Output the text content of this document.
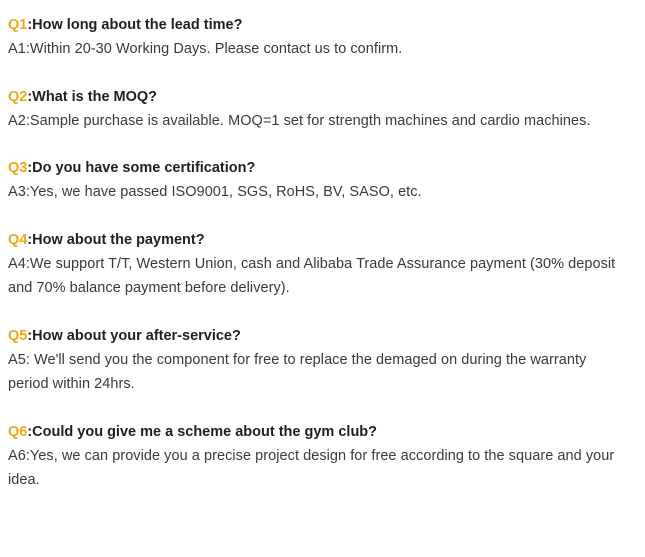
Q1:How long about the lead time?

A1:Within 20-30 Working Days. Please contact us to confirm.

Q2:What is the MOQ?

A2:Sample purchase is available. MOQ=1 set for strength machines and cardio machines.

Q3:Do you have some certification?

A3:Yes, we have passed ISO9001, SGS, RoHS, BV, SASO, etc.

Q4:How about the payment?

A4:We support T/T, Western Union, cash and Alibaba Trade Assurance payment (30% deposit and 70% balance payment before delivery).

Q5:How about your after-service?

A5: We'll send you the component for free to replace the demaged on during the warranty period within 24hrs.

Q6:Could you give me a scheme about the gym club?

A6:Yes, we can provide you a precise project design for free according to the square and your idea.
